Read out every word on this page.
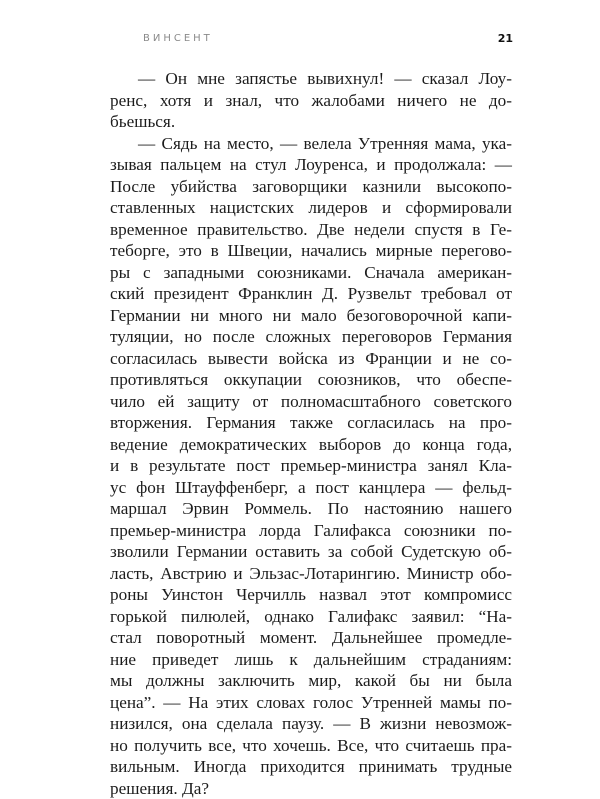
ВИНСЕНТ	21
— Он мне запястье вывихнул! — сказал Лоу-
ренс, хотя и знал, что жалобами ничего не до-
бьешься.
— Сядь на место, — велела Утренняя мама, ука-
зывая пальцем на стул Лоуренса, и продолжала: —
После убийства заговорщики казнили высокопо-
ставленных нацистских лидеров и сформировали
временное правительство. Две недели спустя в Ге-
теборге, это в Швеции, начались мирные перегово-
ры с западными союзниками. Сначала американ-
ский президент Франклин Д. Рузвельт требовал от
Германии ни много ни мало безоговорочной капи-
туляции, но после сложных переговоров Германия
согласилась вывести войска из Франции и не со-
противляться оккупации союзников, что обеспе-
чило ей защиту от полномасштабного советского
вторжения. Германия также согласилась на про-
ведение демократических выборов до конца года,
и в результате пост премьер-министра занял Кла-
ус фон Штауффенберг, а пост канцлера — фельд-
маршал Эрвин Роммель. По настоянию нашего
премьер-министра лорда Галифакса союзники по-
зволили Германии оставить за собой Судетскую об-
ласть, Австрию и Эльзас-Лотарингию. Министр обо-
роны Уинстон Черчилль назвал этот компромисс
горькой пилюлей, однако Галифакс заявил: “На-
стал поворотный момент. Дальнейшее промедле-
ние приведет лишь к дальнейшим страданиям:
мы должны заключить мир, какой бы ни была
цена”. — На этих словах голос Утренней мамы по-
низился, она сделала паузу. — В жизни невозмож-
но получить все, что хочешь. Все, что считаешь пра-
вильным. Иногда приходится принимать трудные
решения. Да?
